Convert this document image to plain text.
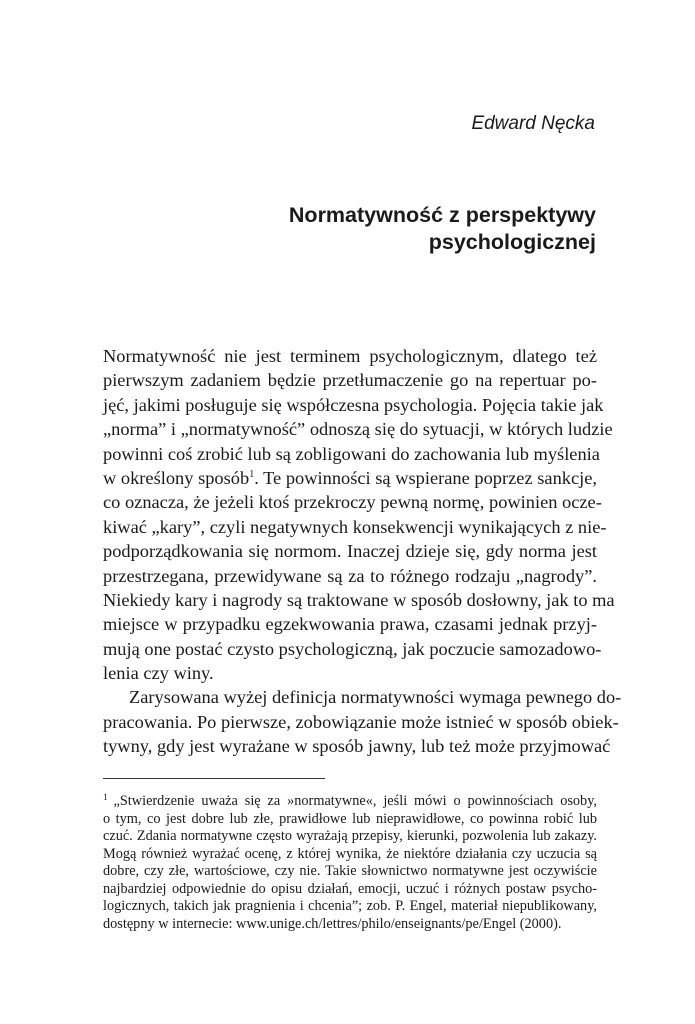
Edward Nęcka
Normatywność z perspektywy
psychologicznej
Normatywność nie jest terminem psychologicznym, dlatego też
pierwszym zadaniem będzie przetłumaczenie go na repertuar po-
jęć, jakimi posługuje się współczesna psychologia. Pojęcia takie jak
„norma” i „normatywność” odnoszą się do sytuacji, w których ludzie
powinni coś zrobić lub są zobligowani do zachowania lub myślenia
w określony sposób$^1$. Te powinności są wspierane poprzez sankcje,
co oznacza, że jeżeli ktoś przekroczy pewną normę, powinien ocze-
kiwać „kary”, czyli negatywnych konsekwencji wynikających z nie-
podporządkowania się normom. Inaczej dzieje się, gdy norma jest
przestrzegana, przewidywane są za to różnego rodzaju „nagrody”.
Niekiedy kary i nagrody są traktowane w sposób dosłowny, jak to ma
miejsce w przypadku egzekwowania prawa, czasami jednak przyj-
mują one postać czysto psychologiczną, jak poczucie samozadowo-
lenia czy winy.
Zarysowana wyżej definicja normatywności wymaga pewnego do-
pracowania. Po pierwsze, zobowiązanie może istnieć w sposób obiek-
tywny, gdy jest wyrażane w sposób jawny, lub też może przyjmować
$^1$ „Stwierdzenie uważa się za »normatywne«, jeśli mówi o powinnościach osoby,
o tym, co jest dobre lub złe, prawidłowe lub nieprawidłowe, co powinna robić lub
czuć. Zdania normatywne często wyrażają przepisy, kierunki, pozwolenia lub zakazy.
Mogą również wyrażać ocenę, z której wynika, że niektóre działania czy uczucia są
dobre, czy złe, wartościowe, czy nie. Takie słownictwo normatywne jest oczywiście
najbardziej odpowiednie do opisu działań, emocji, uczuć i różnych postaw psycho-
logicznych, takich jak pragnienia i chcenia”; zob. P. Engel, materiał niepublikowany,
dostępny w internecie: www.unige.ch/lettres/philo/enseignants/pe/Engel (2000).
